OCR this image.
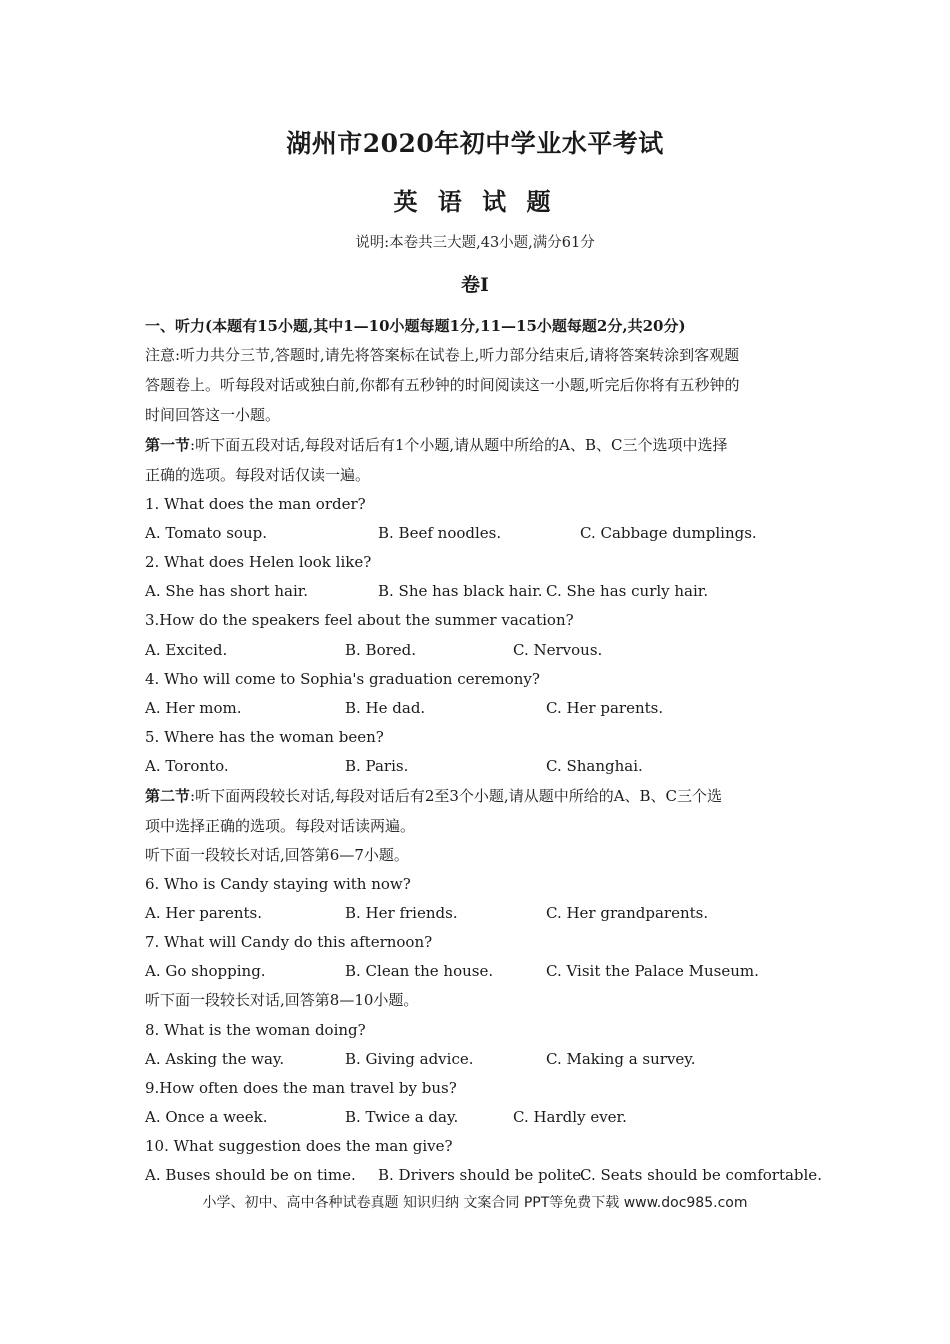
湖州市2020年初中学业水平考试
英 语 试 题
说明:本卷共三大题,43小题,满分61分
卷I
一、听力(本题有15小题,其中1—10小题每题1分,11—15小题每题2分,共20分)
注意:听力共分三节,答题时,请先将答案标在试卷上,听力部分结束后,请将答案转涂到客观题
答题卷上。听每段对话或独白前,你都有五秒钟的时间阅读这一小题,听完后你将有五秒钟的
时间回答这一小题。
第一节:听下面五段对话,每段对话后有1个小题,请从题中所给的A、B、C三个选项中选择
正确的选项。每段对话仅读一遍。
1. What does the man order?
A. Tomato soup.	B. Beef noodles.	C. Cabbage dumplings.
2. What does Helen look like?
A. She has short hair.	B. She has black hair. C. She has curly hair.
3.How do the speakers feel about the summer vacation?
A. Excited.	B. Bored.	C. Nervous.
4. Who will come to Sophia's graduation ceremony?
A. Her mom.	B. He dad.	C. Her parents.
5. Where has the woman been?
A. Toronto.	B. Paris.	C. Shanghai.
第二节:听下面两段较长对话,每段对话后有2至3个小题,请从题中所给的A、B、C三个选
项中选择正确的选项。每段对话读两遍。
听下面一段较长对话,回答第6—7小题。
6. Who is Candy staying with now?
A. Her parents.	B. Her friends.	C. Her grandparents.
7. What will Candy do this afternoon?
A. Go shopping.	B. Clean the house.	C. Visit the Palace Museum.
听下面一段较长对话,回答第8—10小题。
8. What is the woman doing?
A. Asking the way.	B. Giving advice.	C. Making a survey.
9.How often does the man travel by bus?
A. Once a week.	B. Twice a day.	C. Hardly ever.
10. What suggestion does the man give?
A. Buses should be on time. B. Drivers should be polite.
C. Seats should be comfortable.
小学、初中、高中各种试卷真题 知识归纳 文案合同 PPT等免费下载 www.doc985.com
